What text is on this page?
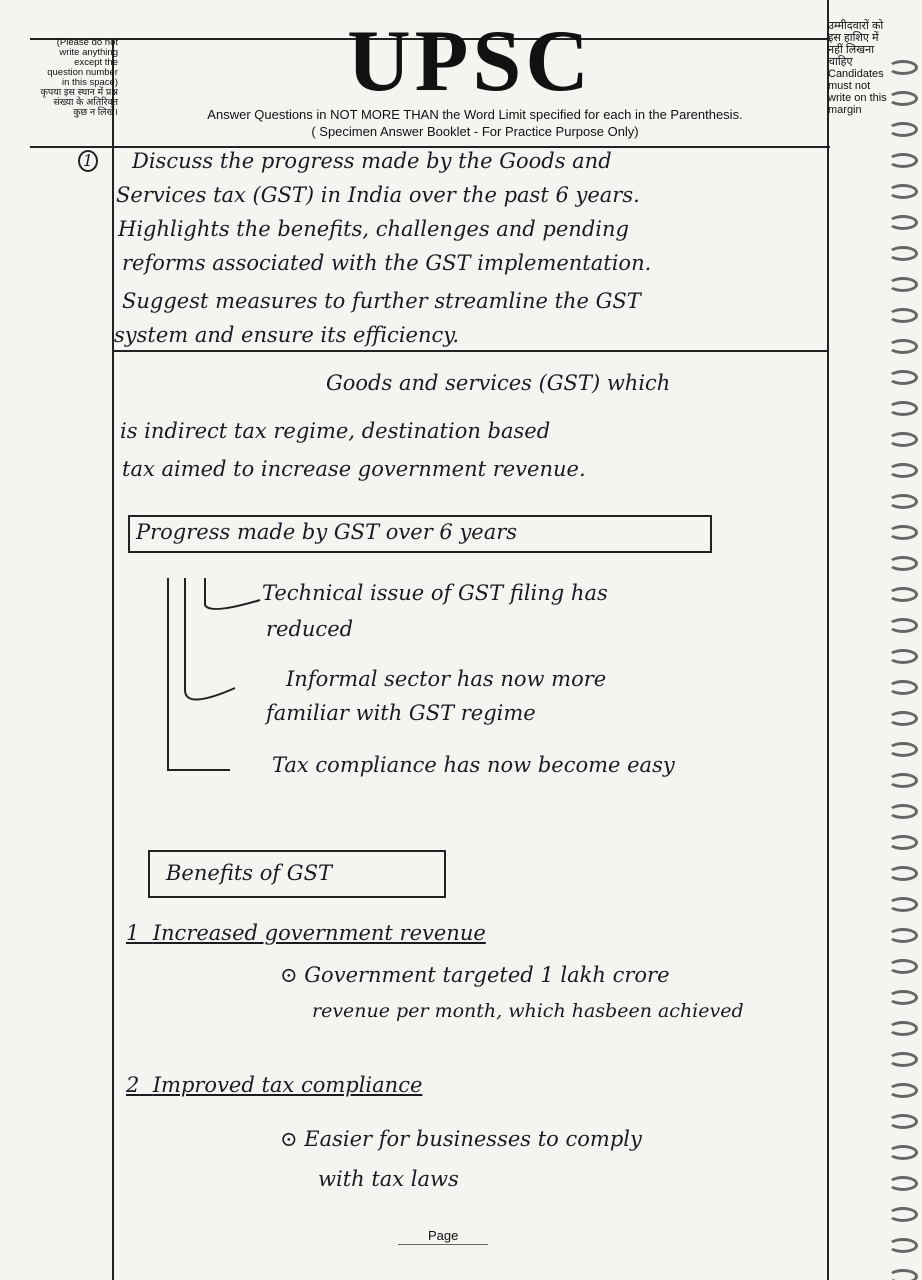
(Please do not write anything except the question number in this space)
कृपया इस स्थान में प्रश्न संख्या के अतिरिक्त कुछ न लिखें।
उम्मीदवारों को इस हाशिए में नहीं लिखना चाहिए
Candidates must not write on this margin
UPSC
Answer Questions in NOT MORE THAN the Word Limit specified for each in the Parenthesis.
( Specimen Answer Booklet - For Practice Purpose Only)
1 Discuss the progress made by the Goods and
Services tax (GST) in India over the past 6 years.
Highlights the benefits, challenges and pending
reforms associated with the GST implementation.
Suggest measures to further streamline the GST
system and ensure its efficiency.
Goods and services (GST) which
is indirect tax regime, destination based
tax aimed to increase government revenue.
Progress made by GST over 6 years
Technical issue of GST filing has
reduced
Informal sector has now more
familiar with GST regime
Tax compliance has now become easy
Benefits of GST
1 Increased government revenue
⊙ Government targeted 1 lakh crore
revenue per month, which hasbeen achieved
2 Improved tax compliance
⊙ Easier for businesses to comply
with tax laws
Page
